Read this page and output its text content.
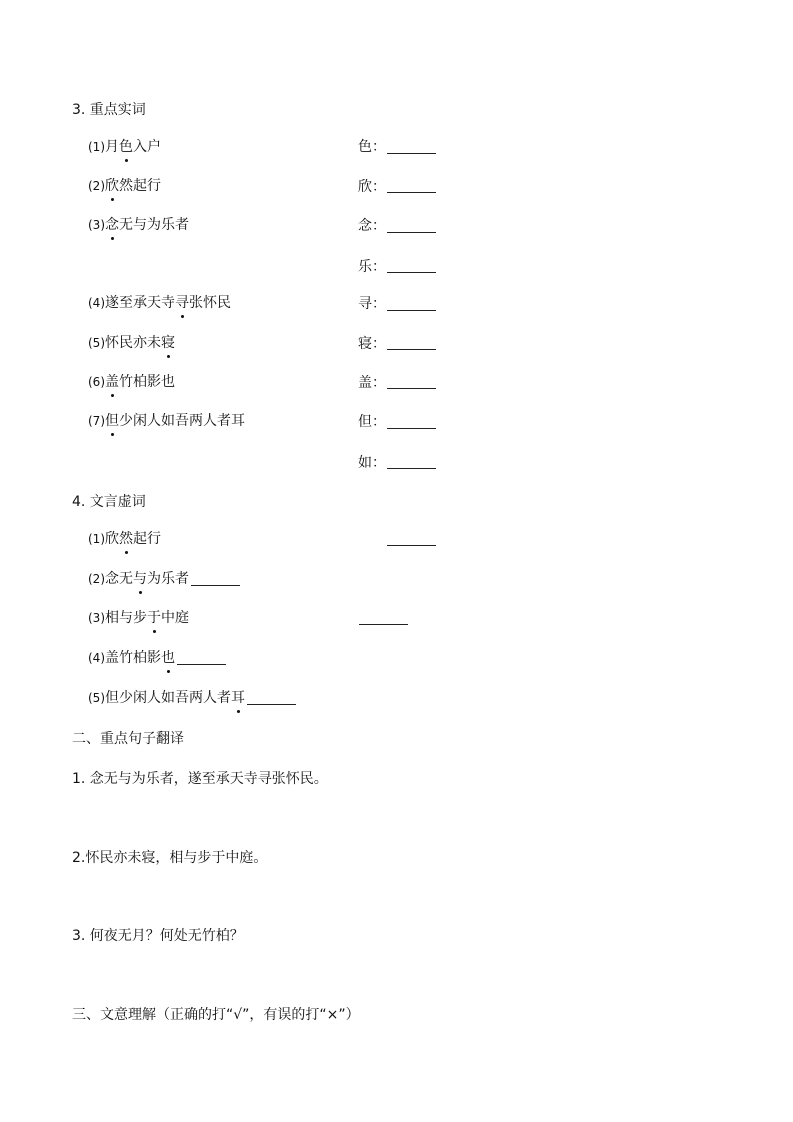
3. 重点实词
(1)月色入户	色：
(2)欣然起行	欣：
(3)念无与为乐者	念：
乐：
(4)遂至承天寺寻张怀民	寻：
(5)怀民亦未寝	寝：
(6)盖竹柏影也	盖：
(7)但少闲人如吾两人者耳	但：
如：
4. 文言虚词
(1)欣然起行
(2)念无与为乐者
(3)相与步于中庭
(4)盖竹柏影也
(5)但少闲人如吾两人者耳
二、重点句子翻译
1. 念无与为乐者，遂至承天寺寻张怀民。
2.怀民亦未寝，相与步于中庭。
3. 何夜无月？何处无竹柏？
三、文意理解（正确的打“√”，有误的打“×”）
